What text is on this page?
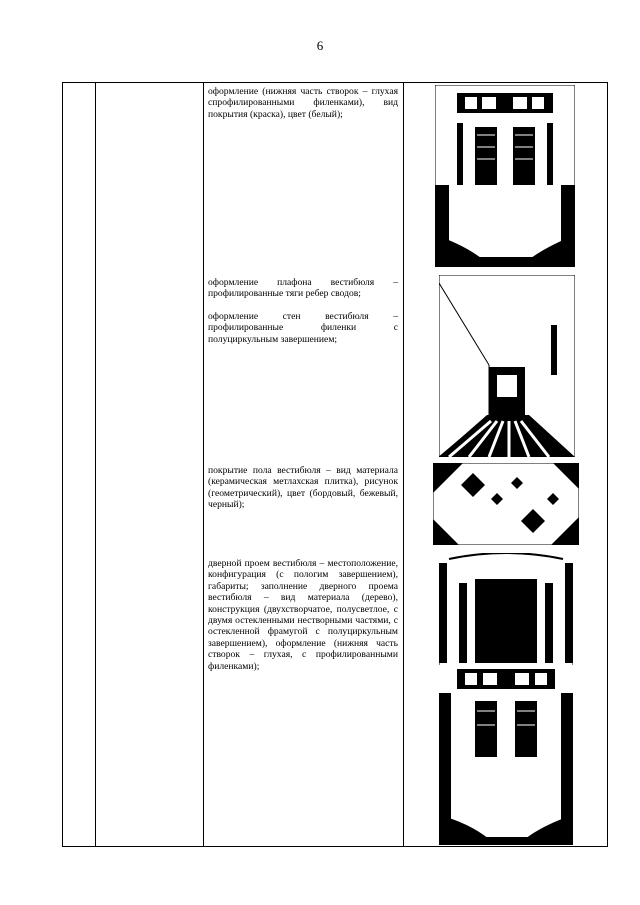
6

оформление (нижняя часть створок – глухая спрофилированными филенками), вид покрытия (краска), цвет (белый);

оформление плафона вестибюля – профилированные тяги ребер сводов;

оформление стен вестибюля – профилированные филенки с полуциркульным завершением;

покрытие пола вестибюля – вид материала (керамическая метлахская плитка), рисунок (геометрический), цвет (бордовый, бежевый, черный);

дверной проем вестибюля – местоположение, конфигурация (с пологим завершением), габариты; заполнение дверного проема вестибюля – вид материала (дерево), конструкция (двухстворчатое, полусветлое, с двумя остекленными нестворными частями, с остекленной фрамугой с полуциркульным завершением), оформление (нижняя часть створок – глухая, с профилированными филенками);
